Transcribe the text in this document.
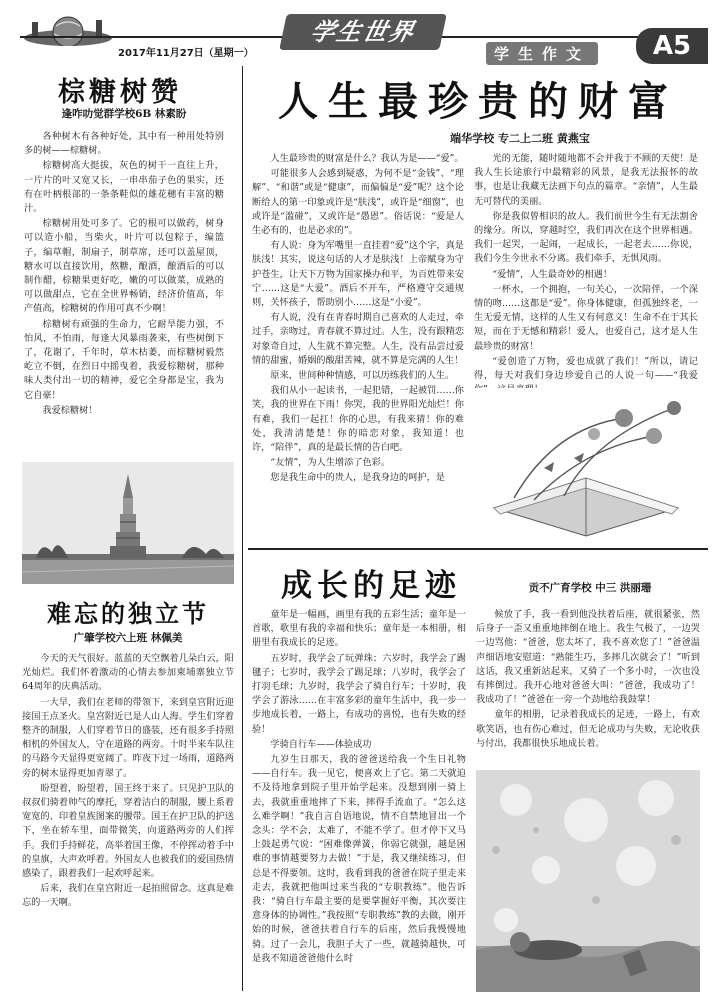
2017年11月27日（星期一）
学生世界
学生作文	A5
棕糖树赞
逢咋叻觉群学校6B 林素盼

各种树木有各种好处，其中有一种用处特别多的树——棕糖树。

棕糖树高大挺拔，灰色的树干一直往上升，一片片的叶又宽又长，一串串茄子色的果实，还有在叶柄根部的一条条鞋似的雄花穗有丰富的糖汁。

棕糖树用处可多了。它的根可以做药，树身可以造小船，当柴火，叶片可以包粽子，编篮子，编草帽，制扇子，制草席，还可以盖屋顶，糖水可以直接饮用，熬糖，酿酒，酿酒后的可以制作醋，棕糖果更好吃，嫩的可以做菜，成熟的可以做甜点，它在全世界畅销，经济价值高，年产值高，棕糖树的作用可真不少啊！

棕糖树有顽强的生命力，它耐旱能力强，不怕风，不怕雨，每逢大风暴雨袭来，有些树倒下了，花谢了，千年时，草木枯萎，而棕糖树毅然屹立不倒，在烈日中摇曳着，我爱棕糖树，那种味人类付出一切的精神，爱它全身都是宝，我为它自豪！

我爱棕糖树！

难忘的独立节
广肇学校六上班 林佩美

今天的天气很好。蓝蓝的天空飘着几朵白云，阳光灿烂。我们怀着激动的心情去参加柬埔寨独立节64周年的庆典活动。

一大早，我们在老师的带领下，来到皇宫附近迎接国王点圣火。皇宫附近已是人山人海。学生们穿着整齐的制服，人们穿着节日的盛装，还有很多手持照相机的外国友人，守在道路的两旁。十时半来车队往的马路今天显得更宽阔了。昨夜下过一场雨，道路两旁的树木显得更加青翠了。

盼望着，盼望着，国王终于来了。只见护卫队的叔叔们骑着帅气的摩托，穿着洁白的制服，腰上系着宽宽的、印着皇族图案的腰带。国王在护卫队的护送下，坐在轿车里，面带微笑，向道路两旁的人们挥手。我们手持鲜花，高举着国王像，不停挥动着手中的皇旗，大声欢呼着。外国友人也被我们的爱国热情感染了，跟着我们一起欢呼起来。

后来，我们在皇宫附近一起拍照留念。这真是难忘的一天啊。

人生最珍贵的财富
端华学校 专二上二班 黄燕宝

人生最珍贵的财富是什么？我认为是——“爱”。

可能很多人会感到疑惑，为何不是“金钱”、“理解”、“和谐”或是“健康”，而偏偏是“爱”呢？这个论断给人的第一印象或许是“肤浅”，或许是“细窗”，也或许是“滥碰”，又或许是“愚恩”。俗话说：“爱是人生必有的，也是必求的”。

有人说：身为军嘴里一直挂着“爱”这个字，真是肤浅！其实，说这句话的人才是肤浅！上帝赋身为守护苍生，让天下万物为国家操办和平，为百姓带来安宁……这是“大爱”。酒后不开车，严格遵守交通规则，关怀孩子，帮助别小……这是“小爱”。

有人说，没有在青春时期自己喜欢的人走过，牵过手，亲吻过，青春就不算过过。人生，没有跟精恋对象奇自过，人生就不算完整。人生，没有品尝过爱情的甜蜜，婚姻的酸甜苦辣，就不算是完满的人生！

原来，世间种种情感，可以历练我们的人生。

我们从小一起读书，一起犯错，一起被罚……你笑，我的世界在下雨！你哭，我的世界阳光灿烂！你有难，我们一起扛！你的心思，有我来猜！你的难处，我清清楚楚！你的暗恋对象，我知道！也许，“陪伴”，真的是最长情的告白吧。

“友情”，为人生增添了色彩。

您是我生命中的贵人，是我身边的呵护，是

光的无能，随时随地都不会并我于不顾的天使！是我人生长途旅行中最精彩的风景，是我无法报怀的故事，也是让我藏无法画下句点的篇章。“亲情”，人生最无可替代的美丽。

你是我似曾相识的故人。我们前世今生有无法割舍的缘分。所以，穿越时空，我们再次在这个世界相遇。我们一起哭，一起闹，一起成长，一起老去……你说，我们今生今世永不分离。我们牵手，无惧风雨。

“爱情”，人生最奇妙的相遇！

一杯水，一个拥抱，一句关心，一次陪伴，一个深情的吻……这都是“爱”。你身体健康，但孤独终老，一生无爱无情，这样的人生又有何意义！生命不在于其长短，而在于无憾和精彩！爱人，也爱自己，这才是人生最珍贵的财富！

“爱创造了万物，爱也成就了我们！”所以，请记得，每天对我们身边珍爱自己的人说一句——“我爱

成长的足迹	贡不广育学校 中三 洪丽珊

童年是一幅画，画里有我的五彩生活；童年是一首歌，歌里有我的幸福和快乐；童年是一本相册，相册里有我成长的足迹。

五岁时，我学会了玩弹珠；六岁时，我学会了踢毽子；七岁时，我学会了踢足球；八岁时，我学会了打羽毛球；九岁时，我学会了骑自行车；十岁时，我学会了游泳……在丰富多彩的童年生活中，我一步一步地成长着，一路上，有成功的喜悦，也有失败的经验！

学骑自行车——体验成功

九岁生日那天，我的爸爸送给我一个生日礼物——自行车。我一见它，便喜欢上了它。第二天就迫不及待地拿到院子里开始学起来。没想到刚一骑上去，我就重重地摔了下来，摔得手流血了。“怎么这么难学啊！”我自言自语地说，情不自禁地冒出一个念头：学不会，太难了，不能不学了。但才停下又马上鼓起勇气说：“困难像弹簧，你弱它就强，越是困难的事情越要努力去做！”于是，我又继续练习，但总是不得要领。这时，我看到我的爸爸在院子里走来走去，我就把他叫过来当我的“专职教练”。他告诉我：“骑自行车最主要的是要掌握好平衡，其次要注意身体的协调性。”我按照“专职教练”教的去做，刚开始的时候，爸爸扶着自行车的后座，然后我慢慢地骑。过了一会儿，我胆子大了一些，就越骑越快，可是我不知道爸爸他什么时

候放了手，我一看到他没扶着后座，就很紧张，然后身子一歪又重重地摔倒在地上。我生气极了，一边哭一边骂他：“爸爸，您太坏了，我不喜欢您了！”爸爸温声细语地安慰道：“熟能生巧，多摔几次就会了！”听到这话，我又重新站起来，又骑了一个多小时，一次也没有摔倒过。我开心地对爸爸大叫：“爸爸，我成功了！我成功了！”爸爸在一旁一个劲地给我鼓掌！

童年的相册，记录着我成长的足迹，一路上，有欢歌笑语，也有伤心难过，但无论成功与失败，无论收获与付出，我都很快乐地成长着。
